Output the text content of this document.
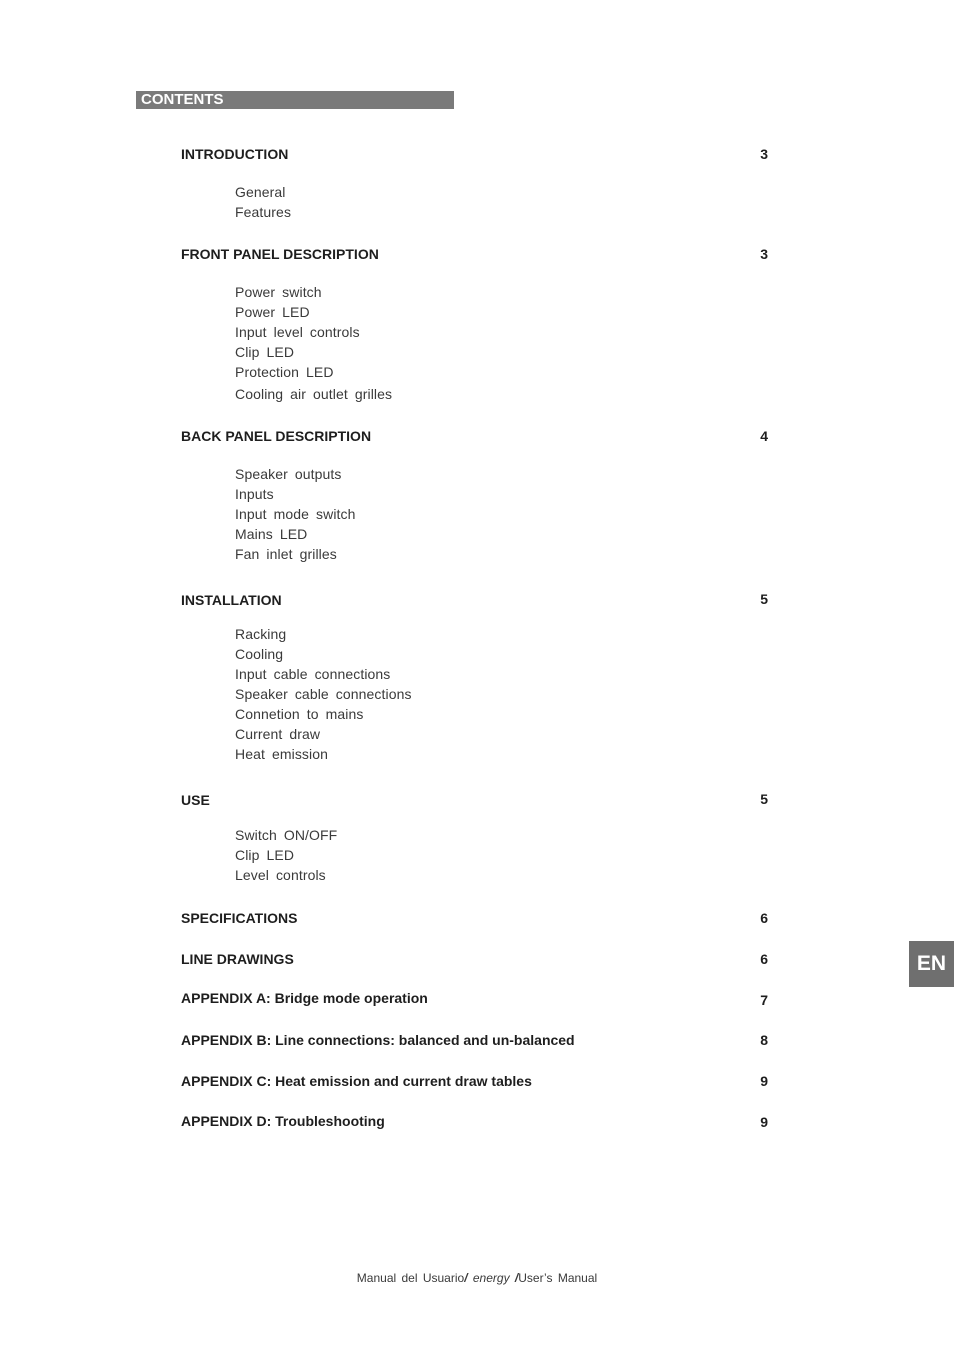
CONTENTS
INTRODUCTION	3
General
Features
FRONT PANEL DESCRIPTION	3
Power switch
Power LED
Input level controls
Clip LED
Protection LED
Cooling air outlet grilles
BACK PANEL DESCRIPTION	4
Speaker outputs
Inputs
Input mode switch
Mains LED
Fan inlet grilles
INSTALLATION	5
Racking
Cooling
Input cable connections
Speaker cable connections
Connetion to mains
Current draw
Heat emission
USE	5
Switch ON/OFF
Clip LED
Level controls
SPECIFICATIONS	6
LINE DRAWINGS	6
APPENDIX A: Bridge mode operation	7
APPENDIX B: Line connections: balanced and un-balanced	8
APPENDIX C: Heat emission and current draw tables	9
APPENDIX D: Troubleshooting	9
EN
Manual del Usuario/ energy /User’s Manual
